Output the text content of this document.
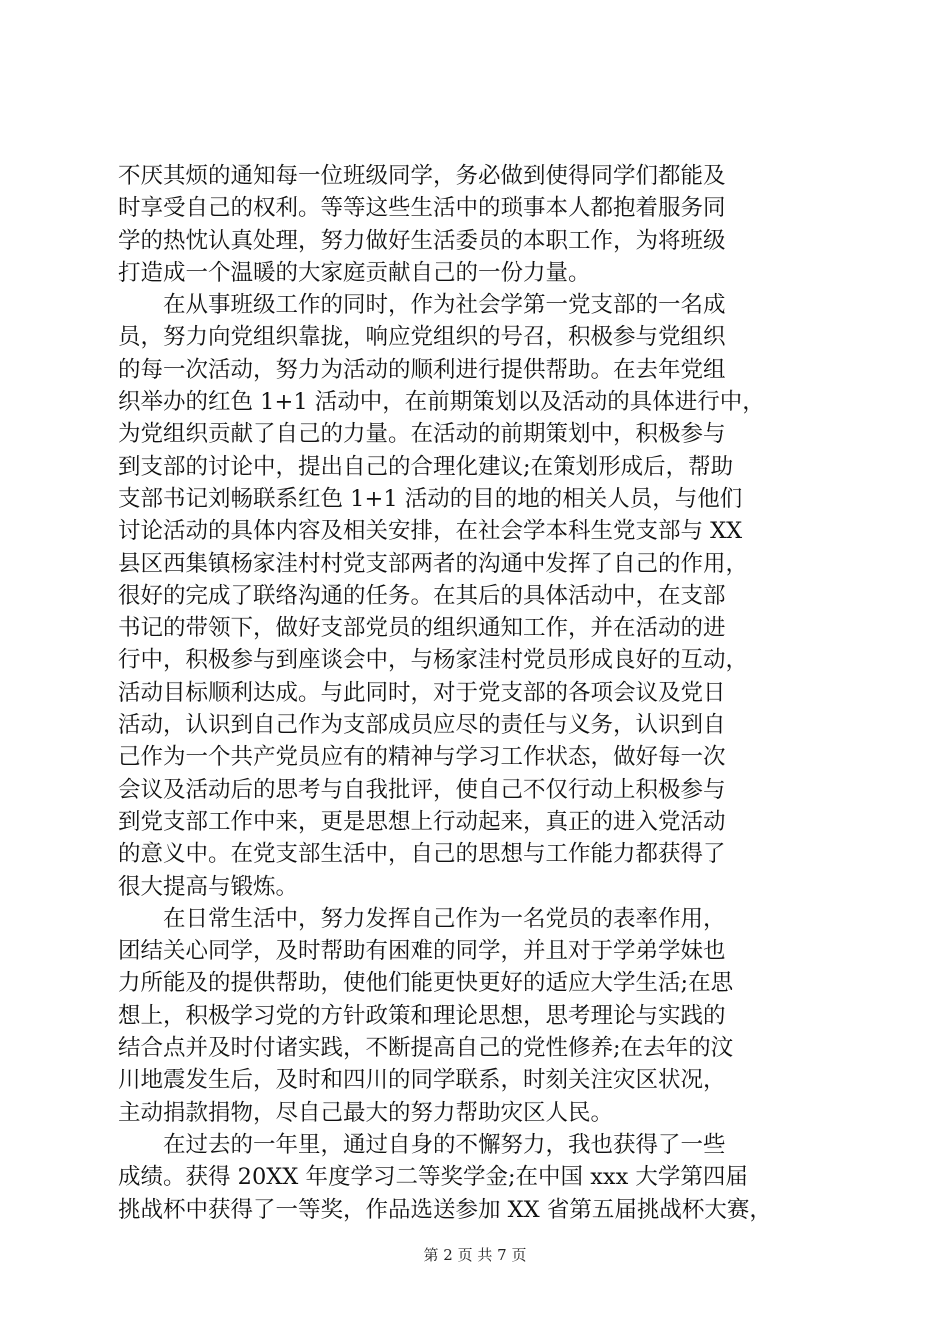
不厌其烦的通知每一位班级同学，务必做到使得同学们都能及
时享受自己的权利。等等这些生活中的琐事本人都抱着服务同
学的热忱认真处理，努力做好生活委员的本职工作，为将班级
打造成一个温暖的大家庭贡献自己的一份力量。
　　在从事班级工作的同时，作为社会学第一党支部的一名成
员，努力向党组织靠拢，响应党组织的号召，积极参与党组织
的每一次活动，努力为活动的顺利进行提供帮助。在去年党组
织举办的红色 1+1 活动中，在前期策划以及活动的具体进行中，
为党组织贡献了自己的力量。在活动的前期策划中，积极参与
到支部的讨论中，提出自己的合理化建议;在策划形成后，帮助
支部书记刘畅联系红色 1+1 活动的目的地的相关人员，与他们
讨论活动的具体内容及相关安排，在社会学本科生党支部与 XX
县区西集镇杨家洼村村党支部两者的沟通中发挥了自己的作用，
很好的完成了联络沟通的任务。在其后的具体活动中，在支部
书记的带领下，做好支部党员的组织通知工作，并在活动的进
行中，积极参与到座谈会中，与杨家洼村党员形成良好的互动，
活动目标顺利达成。与此同时，对于党支部的各项会议及党日
活动，认识到自己作为支部成员应尽的责任与义务，认识到自
己作为一个共产党员应有的精神与学习工作状态，做好每一次
会议及活动后的思考与自我批评，使自己不仅行动上积极参与
到党支部工作中来，更是思想上行动起来，真正的进入党活动
的意义中。在党支部生活中，自己的思想与工作能力都获得了
很大提高与锻炼。
　　在日常生活中，努力发挥自己作为一名党员的表率作用，
团结关心同学，及时帮助有困难的同学，并且对于学弟学妹也
力所能及的提供帮助，使他们能更快更好的适应大学生活;在思
想上，积极学习党的方针政策和理论思想，思考理论与实践的
结合点并及时付诸实践，不断提高自己的党性修养;在去年的汶
川地震发生后，及时和四川的同学联系，时刻关注灾区状况，
主动捐款捐物，尽自己最大的努力帮助灾区人民。
　　在过去的一年里，通过自身的不懈努力，我也获得了一些
成绩。获得 20XX 年度学习二等奖学金;在中国 xxx 大学第四届
挑战杯中获得了一等奖，作品选送参加 XX 省第五届挑战杯大赛，
第 2 页 共 7 页
